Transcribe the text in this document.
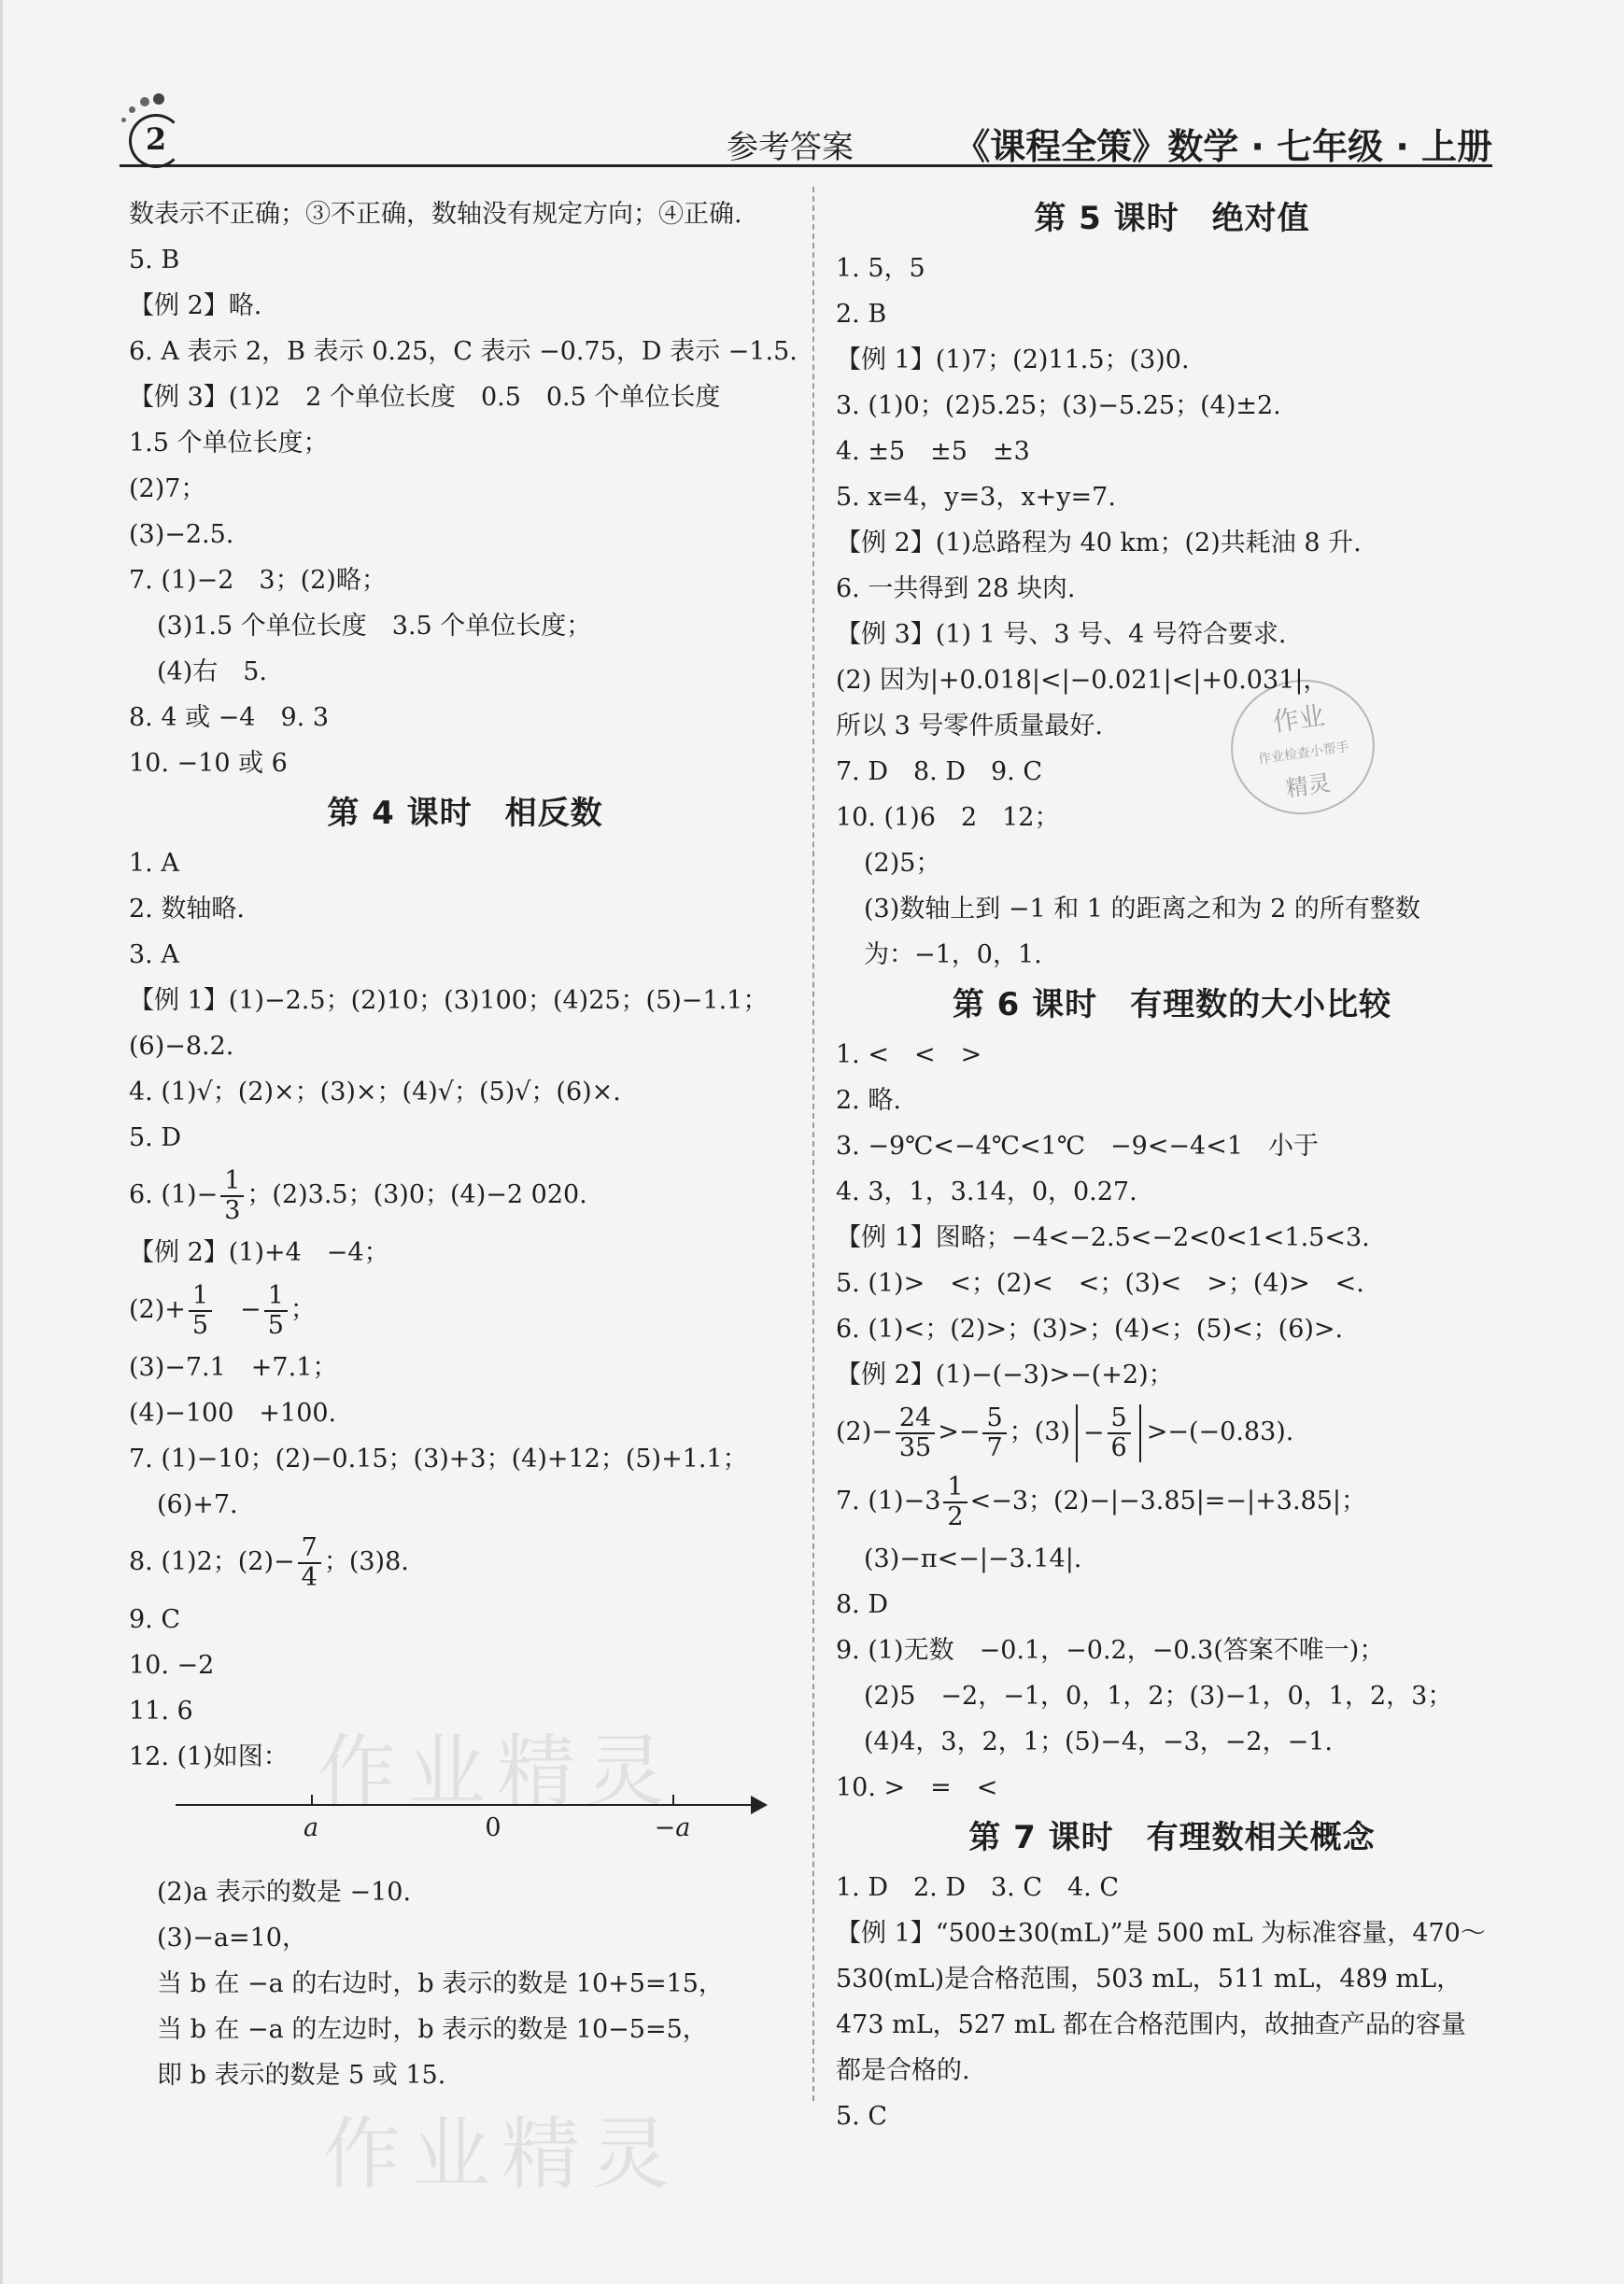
2	参考答案	《课程全策》数学 · 七年级 · 上册
数表示不正确；③不正确，数轴没有规定方向；④正确.
5. B
【例 2】略.
6. A 表示 2，B 表示 0.25，C 表示 −0.75，D 表示 −1.5.
【例 3】(1)2　2 个单位长度　0.5　0.5 个单位长度
1.5 个单位长度；
(2)7；
(3)−2.5.
7. (1)−2　3；(2)略；
(3)1.5 个单位长度　3.5 个单位长度；
(4)右　5.
8. 4 或 −4　9. 3
10. −10 或 6
第 4 课时　相反数
1. A
2. 数轴略.
3. A
【例 1】(1)−2.5；(2)10；(3)100；(4)25；(5)−1.1；
(6)−8.2.
4. (1)√；(2)×；(3)×；(4)√；(5)√；(6)×.
5. D
6. $(1)- \frac{1}{3}$ ；(2)3.5；(3)0；(4)−2 020.
【例 2】(1)+4　−4；
$(2)+ \frac{1}{5}$ 　− $\frac{1}{5}$ ；
(3)−7.1　+7.1；
(4)−100　+100.
7. (1)−10；(2)−0.15；(3)+3；(4)+12；(5)+1.1；
(6)+7.
8. (1)2；$(2)- \frac{7}{4}$ ；(3)8.
9. C
10. −2
11. 6
12. (1)如图：
a	0	−a
(2)a 表示的数是 −10.
(3)−a=10，
当 b 在 −a 的右边时，b 表示的数是 10+5=15，
当 b 在 −a 的左边时，b 表示的数是 10−5=5，
即 b 表示的数是 5 或 15.
第 5 课时　绝对值
1. 5，5
2. B
【例 1】(1)7；(2)11.5；(3)0.
3. (1)0；(2)5.25；(3)−5.25；(4)±2.
4. ±5　±5　±3
5. x=4，y=3，x+y=7.
【例 2】(1)总路程为 40 km；(2)共耗油 8 升.
6. 一共得到 28 块肉.
【例 3】(1) 1 号、3 号、4 号符合要求.
(2) 因为|+0.018|<|−0.021|<|+0.031|，
所以 3 号零件质量最好.
7. D　8. D　9. C
10. (1)6　2　12；
(2)5；
(3)数轴上到 −1 和 1 的距离之和为 2 的所有整数
为：−1，0，1.
第 6 课时　有理数的大小比较
1. <　<　>
2. 略.
3. −9℃<−4℃<1℃　−9<−4<1　小于
4. 3，1，3.14，0，0.27.
【例 1】图略；−4<−2.5<−2<0<1<1.5<3.
5. (1)>　<；(2)<　<；(3)<　>；(4)>　<.
6. (1)<；(2)>；(3)>；(4)<；(5)<；(6)>.
【例 2】(1)−(−3)>−(+2)；
$(2)- \frac{24}{35} >- \frac{5}{7}$ ；$(3) - \frac{5}{6} >-(-0.83)$.
7. $(1)-3 \frac{1}{2} <-3$；(2)−|−3.85|=−|+3.85|；
(3)−π<−|−3.14|.
8. D
9. (1)无数　−0.1，−0.2，−0.3(答案不唯一)；
(2)5　−2，−1，0，1，2；(3)−1，0，1，2，3；
(4)4，3，2，1；(5)−4，−3，−2，−1.
10. >　=　<
第 7 课时　有理数相关概念
1. D　2. D　3. C　4. C
【例 1】“500±30(mL)”是 500 mL 为标准容量，470～
530(mL)是合格范围，503 mL，511 mL，489 mL，
473 mL，527 mL 都在合格范围内，故抽查产品的容量
都是合格的.
5. C
作业精灵
作业精灵
作业
作业检查小帮手
精灵
